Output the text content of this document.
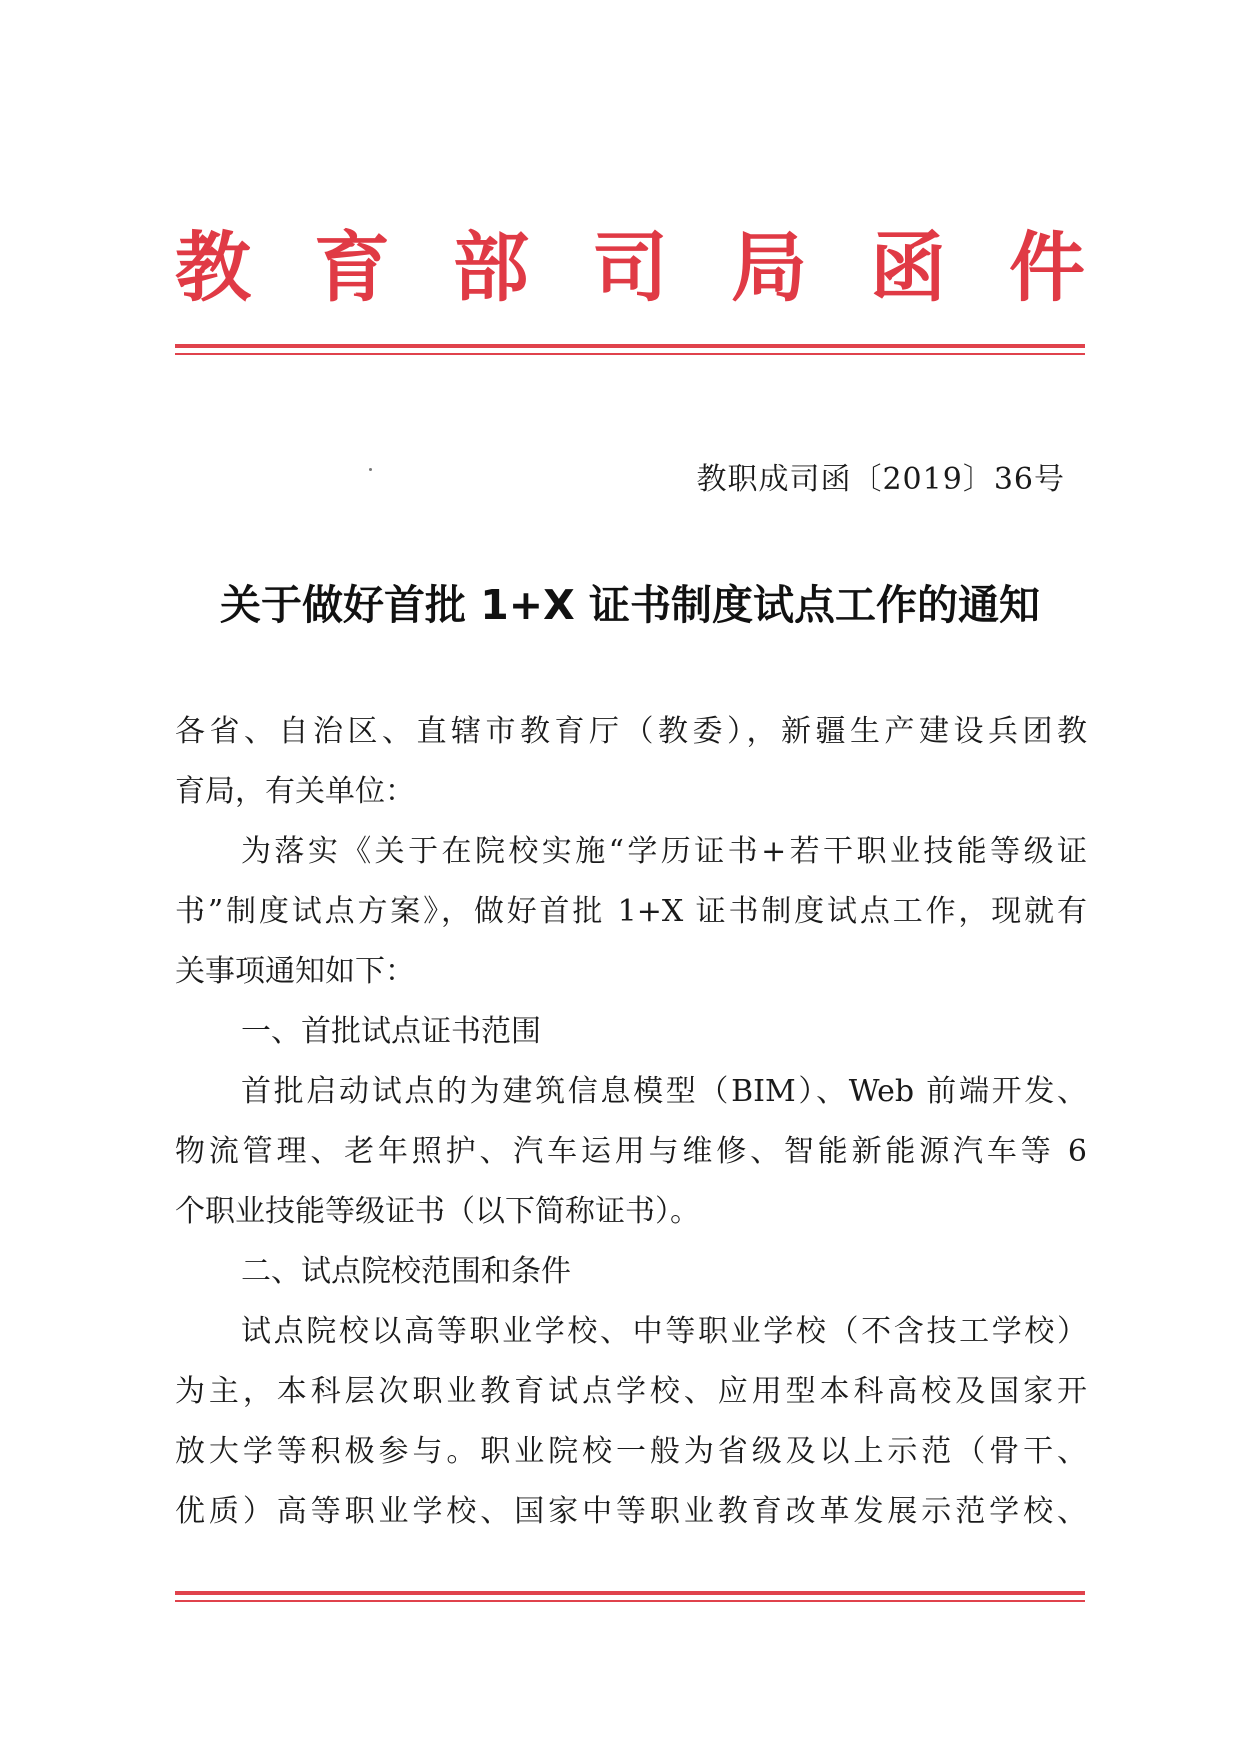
教 育 部 司 局 函 件
教职成司函〔2019〕36号
关于做好首批 1+X 证书制度试点工作的通知
各省、自治区、直辖市教育厅（教委），新疆生产建设兵团教
育局，有关单位：
为落实《关于在院校实施“学历证书+若干职业技能等级证
书”制度试点方案》，做好首批 1+X 证书制度试点工作，现就有
关事项通知如下：
一、首批试点证书范围
首批启动试点的为建筑信息模型（BIM）、Web 前端开发、
物流管理、老年照护、汽车运用与维修、智能新能源汽车等 6
个职业技能等级证书（以下简称证书）。
二、试点院校范围和条件
试点院校以高等职业学校、中等职业学校（不含技工学校）
为主，本科层次职业教育试点学校、应用型本科高校及国家开
放大学等积极参与。职业院校一般为省级及以上示范（骨干、
优质）高等职业学校、国家中等职业教育改革发展示范学校、
